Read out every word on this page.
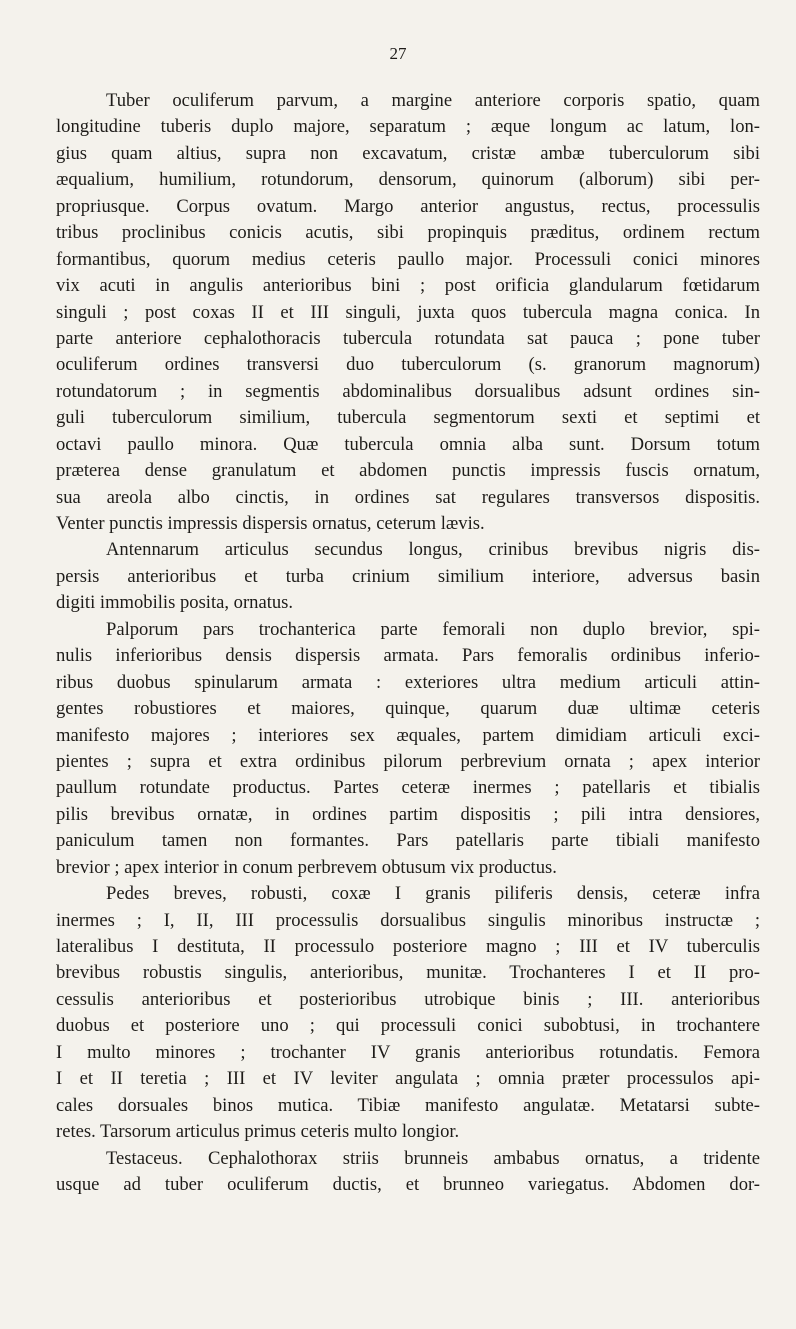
27
Tuber oculiferum parvum, a margine anteriore corporis spatio, quam
longitudine tuberis duplo majore, separatum ; æque longum ac latum, lon-
gius quam altius, supra non excavatum, cristæ ambæ tuberculorum sibi
æqualium, humilium, rotundorum, densorum, quinorum (alborum) sibi per-
propriusque. Corpus ovatum. Margo anterior angustus, rectus, processulis
tribus proclinibus conicis acutis, sibi propinquis præditus, ordinem rectum
formantibus, quorum medius ceteris paullo major. Processuli conici minores
vix acuti in angulis anterioribus bini ; post orificia glandularum fœtidarum
singuli ; post coxas II et III singuli, juxta quos tubercula magna conica. In
parte anteriore cephalothoracis tubercula rotundata sat pauca ; pone tuber
oculiferum ordines transversi duo tuberculorum (s. granorum magnorum)
rotundatorum ; in segmentis abdominalibus dorsualibus adsunt ordines sin-
guli tuberculorum similium, tubercula segmentorum sexti et septimi et
octavi paullo minora. Quæ tubercula omnia alba sunt. Dorsum totum
præterea dense granulatum et abdomen punctis impressis fuscis ornatum,
sua areola albo cinctis, in ordines sat regulares transversos dispositis.
Venter punctis impressis dispersis ornatus, ceterum lævis.
Antennarum articulus secundus longus, crinibus brevibus nigris dis-
persis anterioribus et turba crinium similium interiore, adversus basin
digiti immobilis posita, ornatus.
Palporum pars trochanterica parte femorali non duplo brevior, spi-
nulis inferioribus densis dispersis armata. Pars femoralis ordinibus inferio-
ribus duobus spinularum armata : exteriores ultra medium articuli attin-
gentes robustiores et maiores, quinque, quarum duæ ultimæ ceteris
manifesto majores ; interiores sex æquales, partem dimidiam articuli exci-
pientes ; supra et extra ordinibus pilorum perbrevium ornata ; apex interior
paullum rotundate productus. Partes ceteræ inermes ; patellaris et tibialis
pilis brevibus ornatæ, in ordines partim dispositis ; pili intra densiores,
paniculum tamen non formantes. Pars patellaris parte tibiali manifesto
brevior ; apex interior in conum perbrevem obtusum vix productus.
Pedes breves, robusti, coxæ I granis piliferis densis, ceteræ infra
inermes ; I, II, III processulis dorsualibus singulis minoribus instructæ ;
lateralibus I destituta, II processulo posteriore magno ; III et IV tuberculis
brevibus robustis singulis, anterioribus, munitæ. Trochanteres I et II pro-
cessulis anterioribus et posterioribus utrobique binis ; III. anterioribus
duobus et posteriore uno ; qui processuli conici subobtusi, in trochantere
I multo minores ; trochanter IV granis anterioribus rotundatis. Femora
I et II teretia ; III et IV leviter angulata ; omnia præter processulos api-
cales dorsuales binos mutica. Tibiæ manifesto angulatæ. Metatarsi subte-
retes. Tarsorum articulus primus ceteris multo longior.
Testaceus. Cephalothorax striis brunneis ambabus ornatus, a tridente
usque ad tuber oculiferum ductis, et brunneo variegatus. Abdomen dor-
